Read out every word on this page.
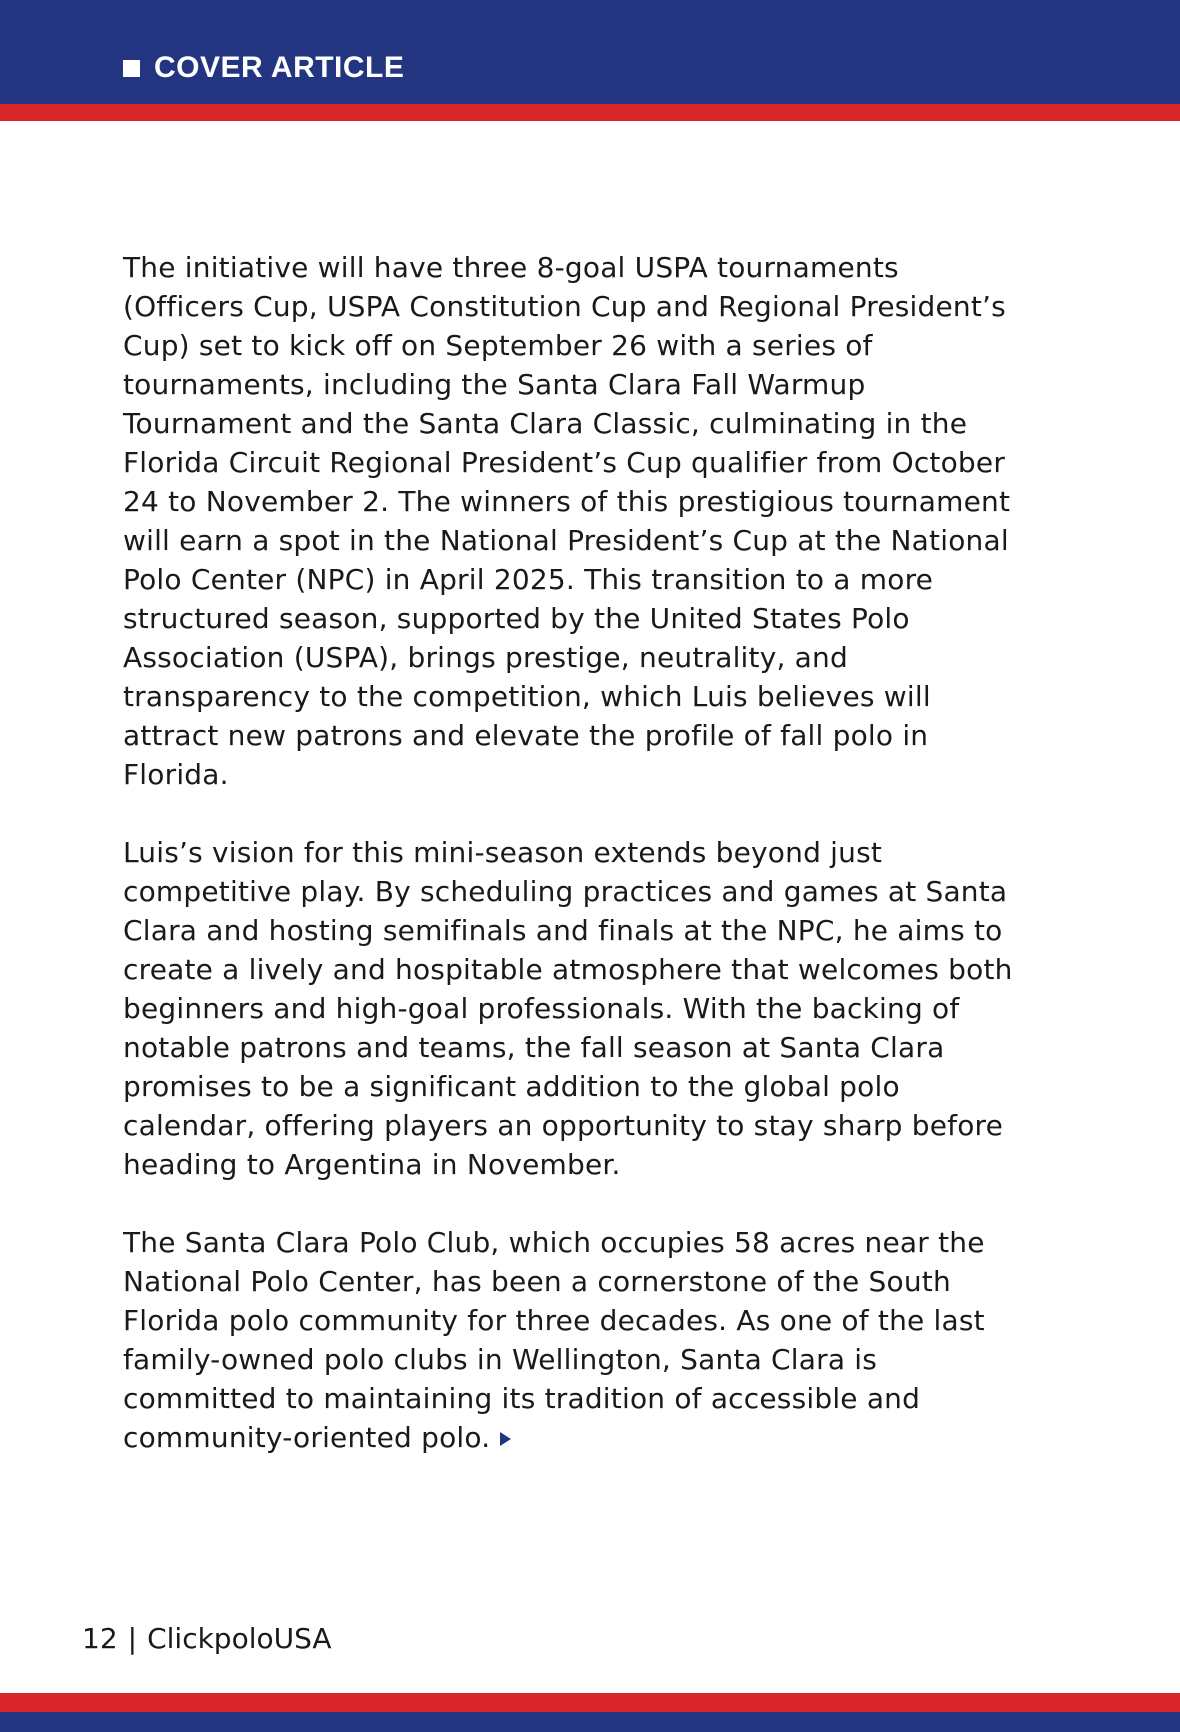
COVER ARTICLE

The initiative will have three 8-goal USPA tournaments
(Officers Cup, USPA Constitution Cup and Regional President’s
Cup) set to kick off on September 26 with a series of
tournaments, including the Santa Clara Fall Warmup
Tournament and the Santa Clara Classic, culminating in the
Florida Circuit Regional President’s Cup qualifier from October
24 to November 2. The winners of this prestigious tournament
will earn a spot in the National President’s Cup at the National
Polo Center (NPC) in April 2025. This transition to a more
structured season, supported by the United States Polo
Association (USPA), brings prestige, neutrality, and
transparency to the competition, which Luis believes will
attract new patrons and elevate the profile of fall polo in
Florida.

Luis’s vision for this mini-season extends beyond just
competitive play. By scheduling practices and games at Santa
Clara and hosting semifinals and finals at the NPC, he aims to
create a lively and hospitable atmosphere that welcomes both
beginners and high-goal professionals. With the backing of
notable patrons and teams, the fall season at Santa Clara
promises to be a significant addition to the global polo
calendar, offering players an opportunity to stay sharp before
heading to Argentina in November.

The Santa Clara Polo Club, which occupies 58 acres near the
National Polo Center, has been a cornerstone of the South
Florida polo community for three decades. As one of the last
family-owned polo clubs in Wellington, Santa Clara is
committed to maintaining its tradition of accessible and
community-oriented polo.

12 | ClickpoloUSA
